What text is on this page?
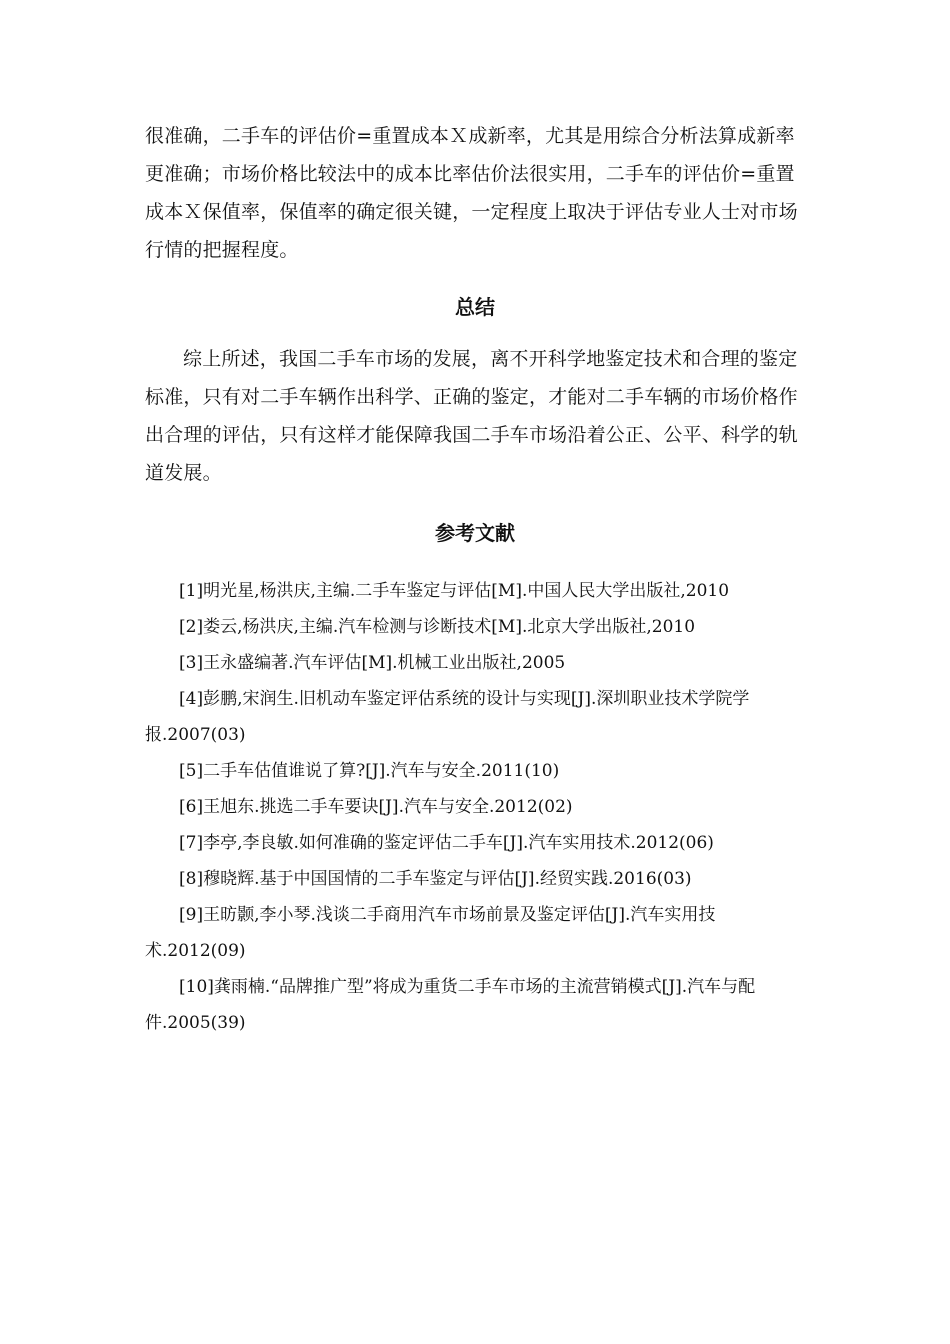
很准确，二手车的评估价=重置成本Ｘ成新率，尤其是用综合分析法算成新率更准确；市场价格比较法中的成本比率估价法很实用，二手车的评估价=重置成本Ｘ保值率，保值率的确定很关键，一定程度上取决于评估专业人士对市场行情的把握程度。

总结

综上所述，我国二手车市场的发展，离不开科学地鉴定技术和合理的鉴定标准，只有对二手车辆作出科学、正确的鉴定，才能对二手车辆的市场价格作出合理的评估，只有这样才能保障我国二手车市场沿着公正、公平、科学的轨道发展。

参考文献
[1]明光星,杨洪庆,主编.二手车鉴定与评估[M].中国人民大学出版社,2010
[2]娄云,杨洪庆,主编.汽车检测与诊断技术[M].北京大学出版社,2010
[3]王永盛编著.汽车评估[M].机械工业出版社,2005
[4]彭鹏,宋润生.旧机动车鉴定评估系统的设计与实现[J].深圳职业技术学院学报.2007(03)
[5]二手车估值谁说了算?[J].汽车与安全.2011(10)
[6]王旭东.挑选二手车要诀[J].汽车与安全.2012(02)
[7]李亭,李良敏.如何准确的鉴定评估二手车[J].汽车实用技术.2012(06)
[8]穆晓辉.基于中国国情的二手车鉴定与评估[J].经贸实践.2016(03)
[9]王昉颢,李小琴.浅谈二手商用汽车市场前景及鉴定评估[J].汽车实用技术.2012(09)
[10]龚雨楠.“品牌推广型”将成为重货二手车市场的主流营销模式[J].汽车与配件.2005(39)
